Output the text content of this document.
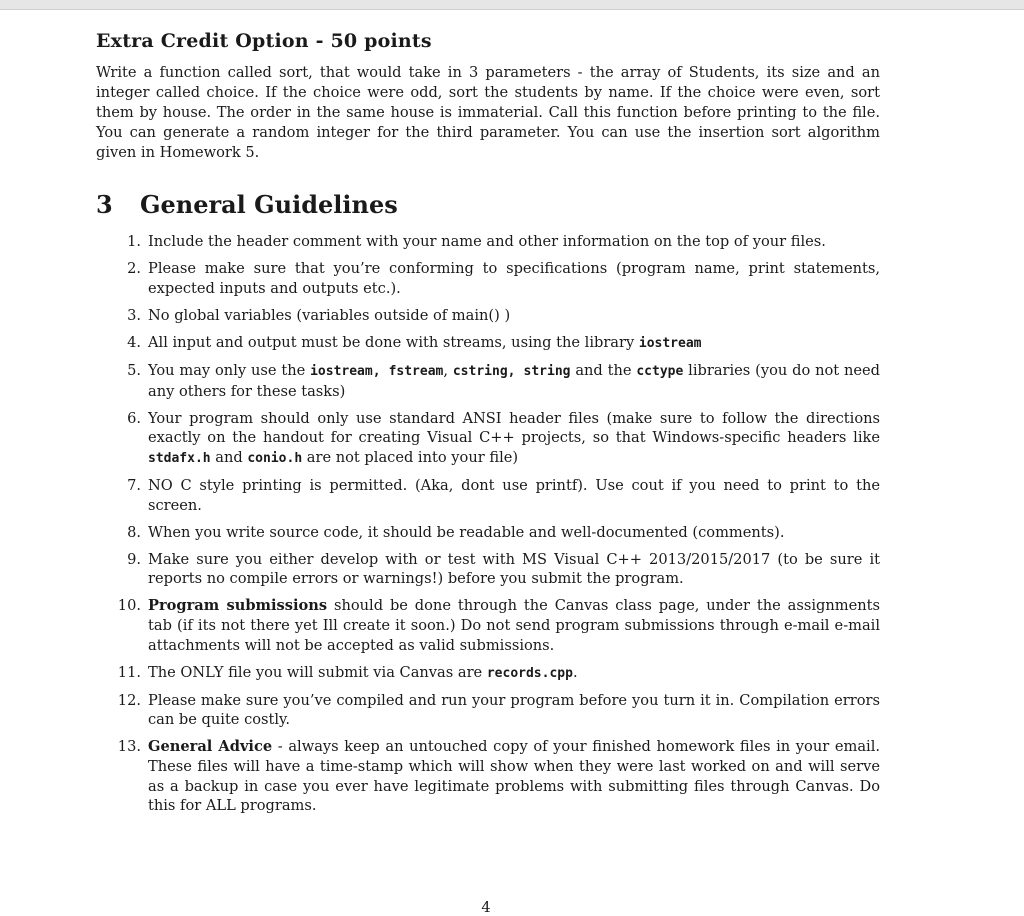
Extra Credit Option - 50 points
Write a function called sort, that would take in 3 parameters - the array of Students, its size and an integer called choice. If the choice were odd, sort the students by name. If the choice were even, sort them by house. The order in the same house is immaterial. Call this function before printing to the file. You can generate a random integer for the third parameter. You can use the insertion sort algorithm given in Homework 5.
3	General Guidelines
1. Include the header comment with your name and other information on the top of your files.
2. Please make sure that you’re conforming to specifications (program name, print statements, expected inputs and outputs etc.).
3. No global variables (variables outside of main() )
4. All input and output must be done with streams, using the library iostream
5. You may only use the iostream, fstream, cstring, string and the cctype libraries (you do not need any others for these tasks)
6. Your program should only use standard ANSI header files (make sure to follow the directions exactly on the handout for creating Visual C++ projects, so that Windows-specific headers like stdafx.h and conio.h are not placed into your file)
7. NO C style printing is permitted. (Aka, dont use printf). Use cout if you need to print to the screen.
8. When you write source code, it should be readable and well-documented (comments).
9. Make sure you either develop with or test with MS Visual C++ 2013/2015/2017 (to be sure it reports no compile errors or warnings!) before you submit the program.
10. Program submissions should be done through the Canvas class page, under the assignments tab (if its not there yet Ill create it soon.) Do not send program submissions through e-mail e-mail attachments will not be accepted as valid submissions.
11. The ONLY file you will submit via Canvas are records.cpp.
12. Please make sure you’ve compiled and run your program before you turn it in. Compilation errors can be quite costly.
13. General Advice - always keep an untouched copy of your finished homework files in your email. These files will have a time-stamp which will show when they were last worked on and will serve as a backup in case you ever have legitimate problems with submitting files through Canvas. Do this for ALL programs.
4
